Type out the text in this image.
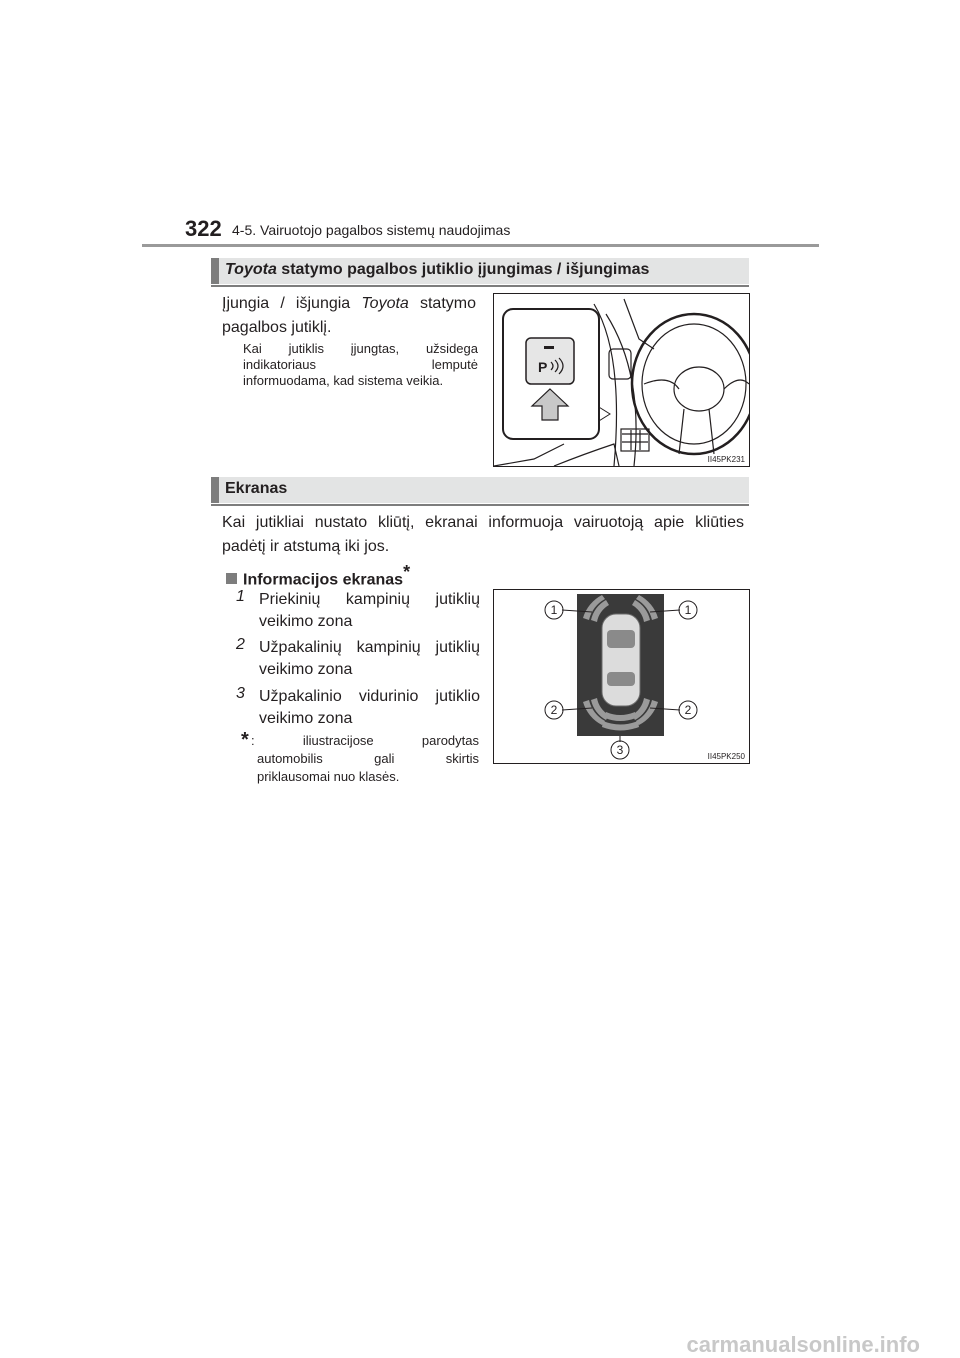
322 4-5. Vairuotojo pagalbos sistemų naudojimas
Toyota statymo pagalbos jutiklio įjungimas / išjungimas
Įjungia / išjungia Toyota statymo
pagalbos jutiklį.
Kai jutiklis įjungtas, užsidega
indikatoriaus lemputė
informuodama, kad sistema veikia.
P
II45PK231
Ekranas
Kai jutikliai nustato kliūtį, ekranai informuoja vairuotoją apie kliūties
padėtį ir atstumą iki jos.
Informacijos ekranas*
1 Priekinių kampinių jutiklių
veikimo zona
2 Užpakalinių kampinių jutiklių
veikimo zona
3 Užpakalinio vidurinio jutiklio
veikimo zona
* : iliustracijose parodytas
automobilis gali skirtis
priklausomai nuo klasės.
1	1
2	2
3	II45PK250
carmanualsonline.info
